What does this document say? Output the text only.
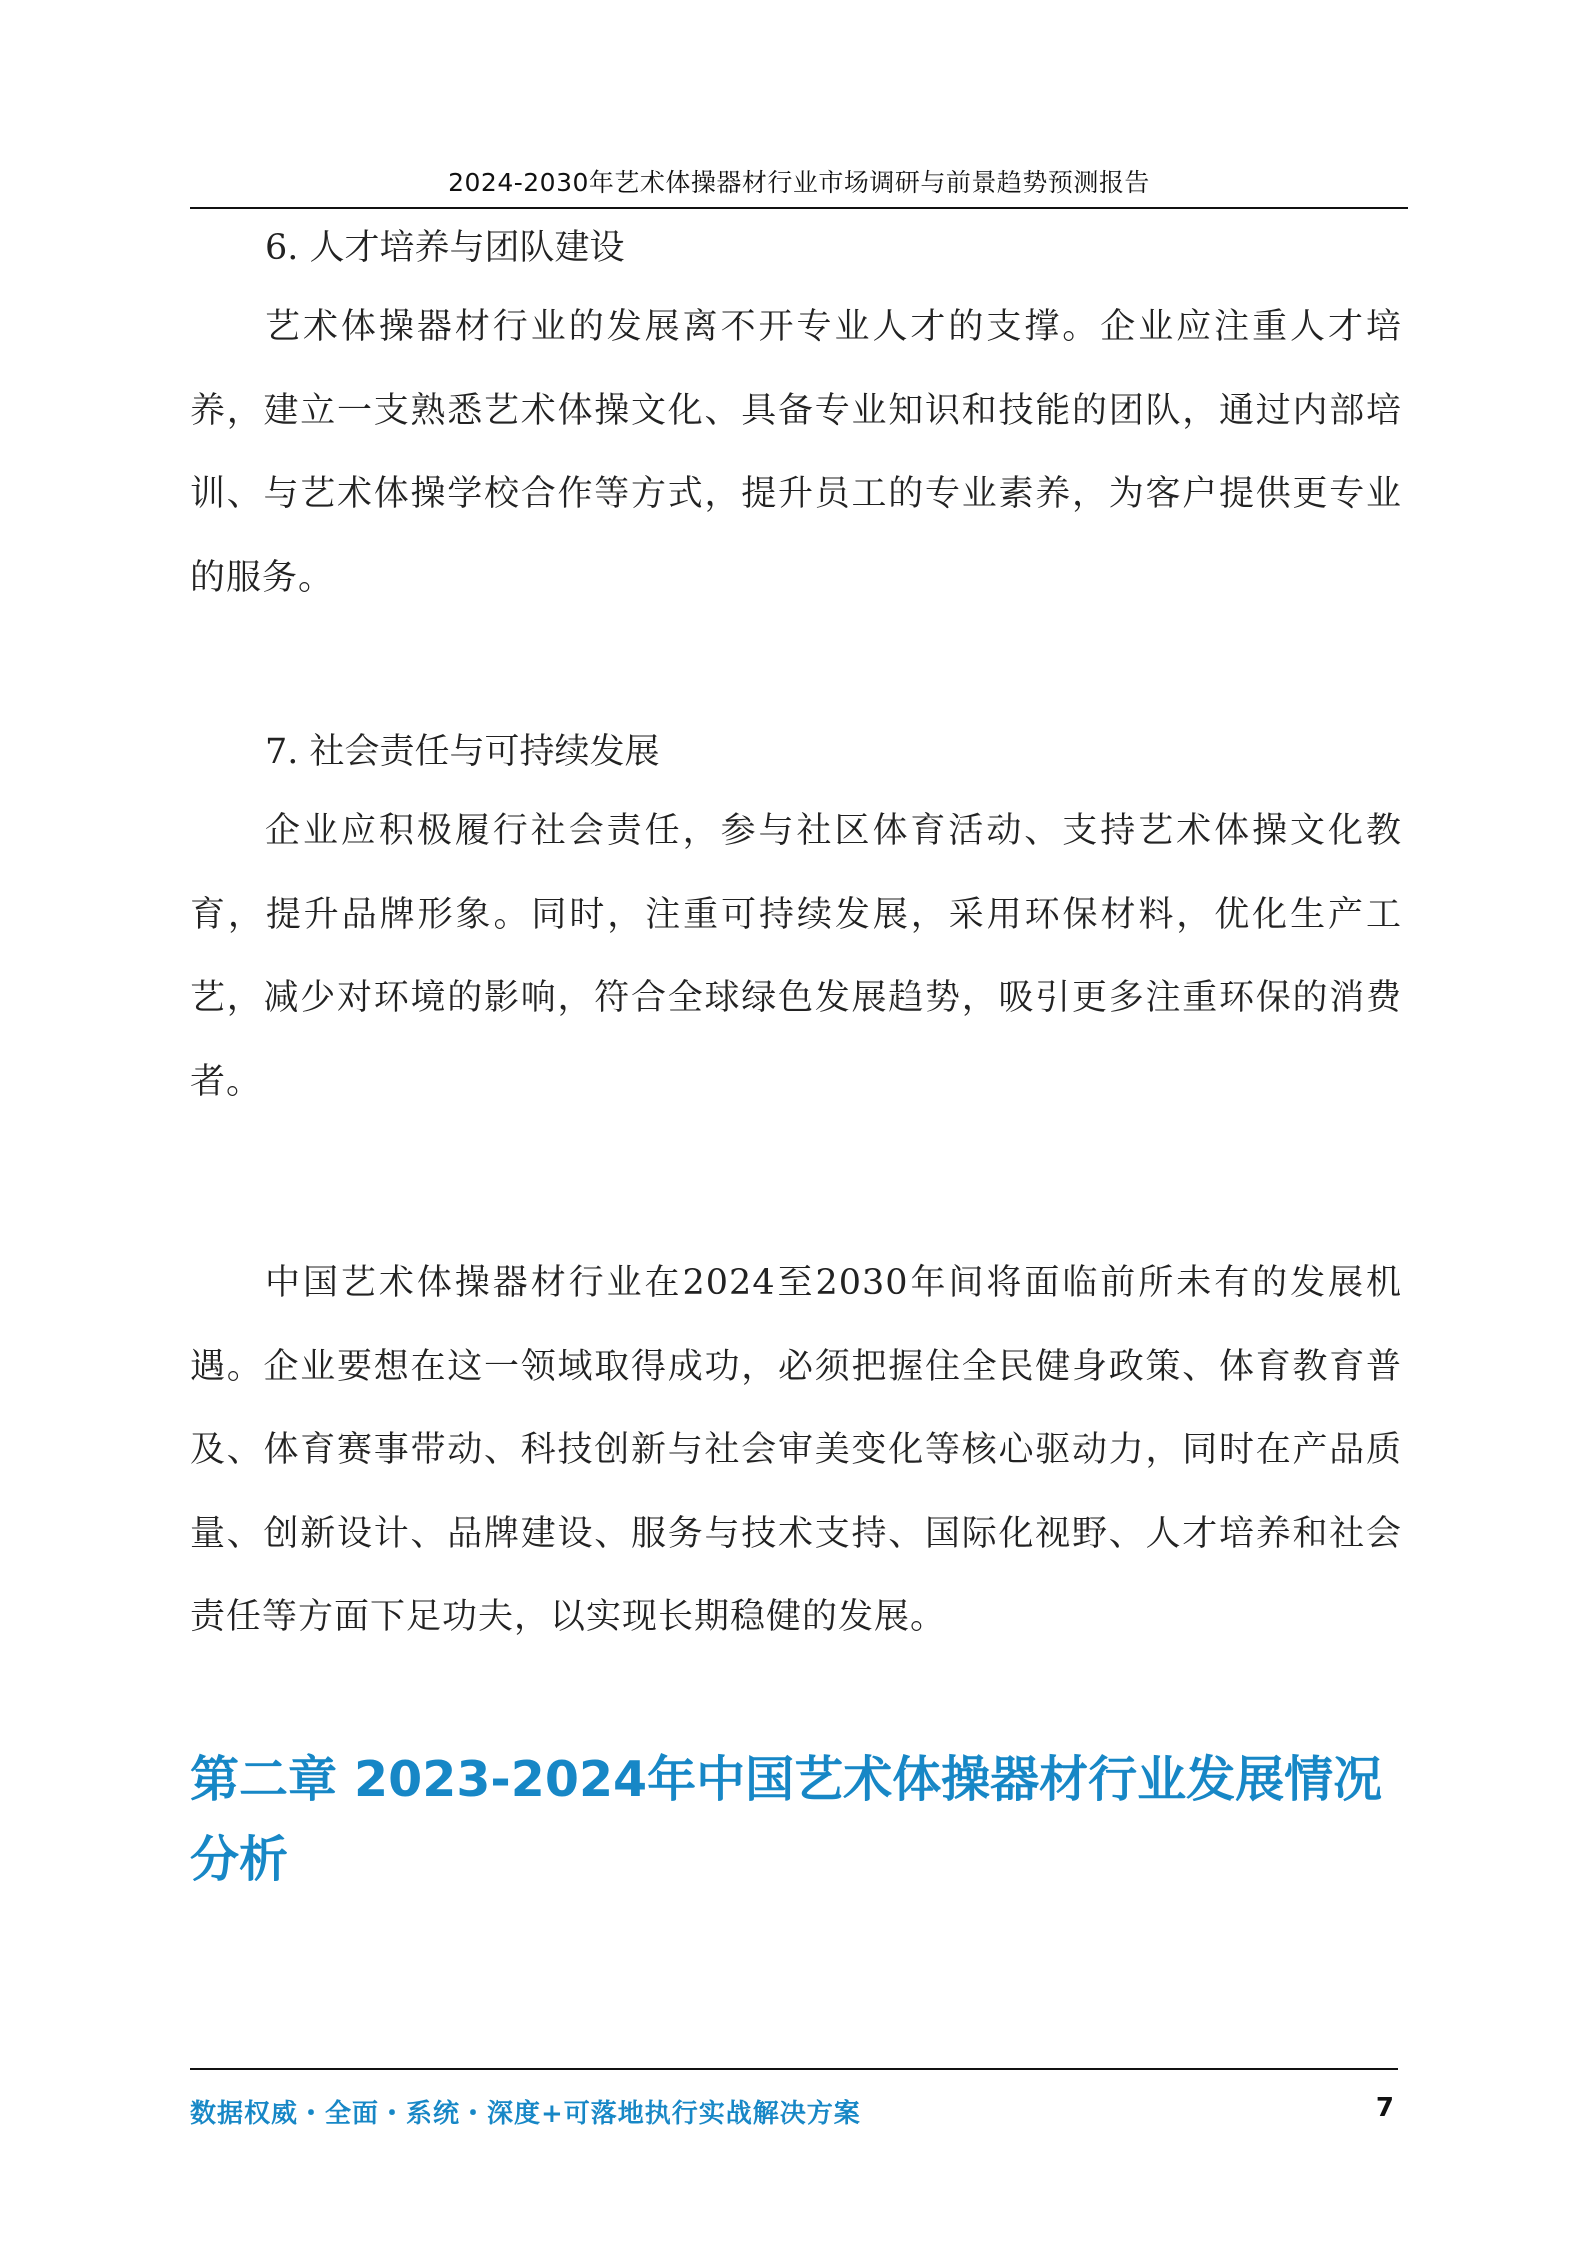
2024-2030年艺术体操器材行业市场调研与前景趋势预测报告

6. 人才培养与团队建设

艺术体操器材行业的发展离不开专业人才的支撑。企业应注重人才培养，建立一支熟悉艺术体操文化、具备专业知识和技能的团队，通过内部培训、与艺术体操学校合作等方式，提升员工的专业素养，为客户提供更专业的服务。

7. 社会责任与可持续发展

企业应积极履行社会责任，参与社区体育活动、支持艺术体操文化教育，提升品牌形象。同时，注重可持续发展，采用环保材料，优化生产工艺，减少对环境的影响，符合全球绿色发展趋势，吸引更多注重环保的消费者。

中国艺术体操器材行业在2024至2030年间将面临前所未有的发展机遇。企业要想在这一领域取得成功，必须把握住全民健身政策、体育教育普及、体育赛事带动、科技创新与社会审美变化等核心驱动力，同时在产品质量、创新设计、品牌建设、服务与技术支持、国际化视野、人才培养和社会责任等方面下足功夫，以实现长期稳健的发展。

第二章 2023-2024年中国艺术体操器材行业发展情况分析
数据权威・全面・系统・深度+可落地执行实战解决方案	7
